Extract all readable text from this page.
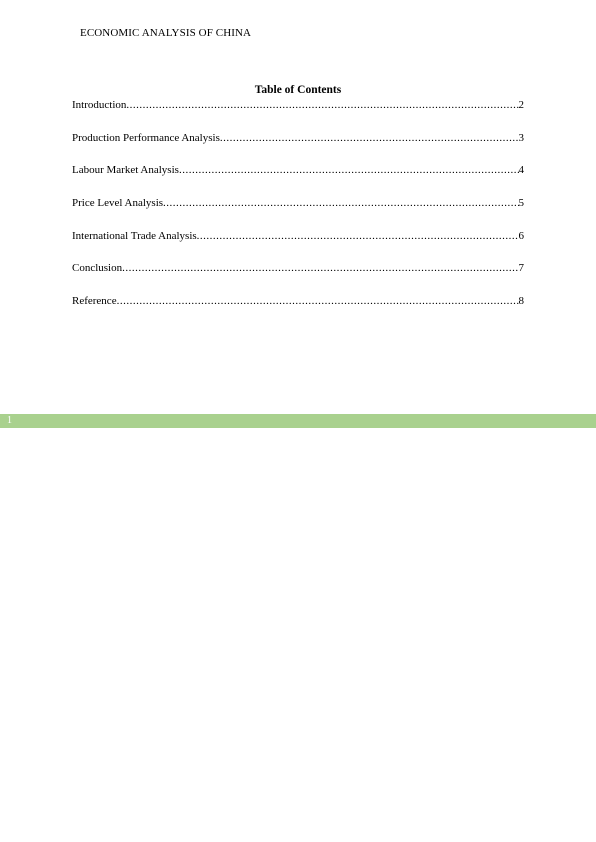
ECONOMIC ANALYSIS OF CHINA
Table of Contents
Introduction .....	2
Production Performance Analysis .....	3
Labour Market Analysis .....	4
Price Level Analysis .....	5
International Trade Analysis .....	6
Conclusion .....	7
Reference .....	8
1
